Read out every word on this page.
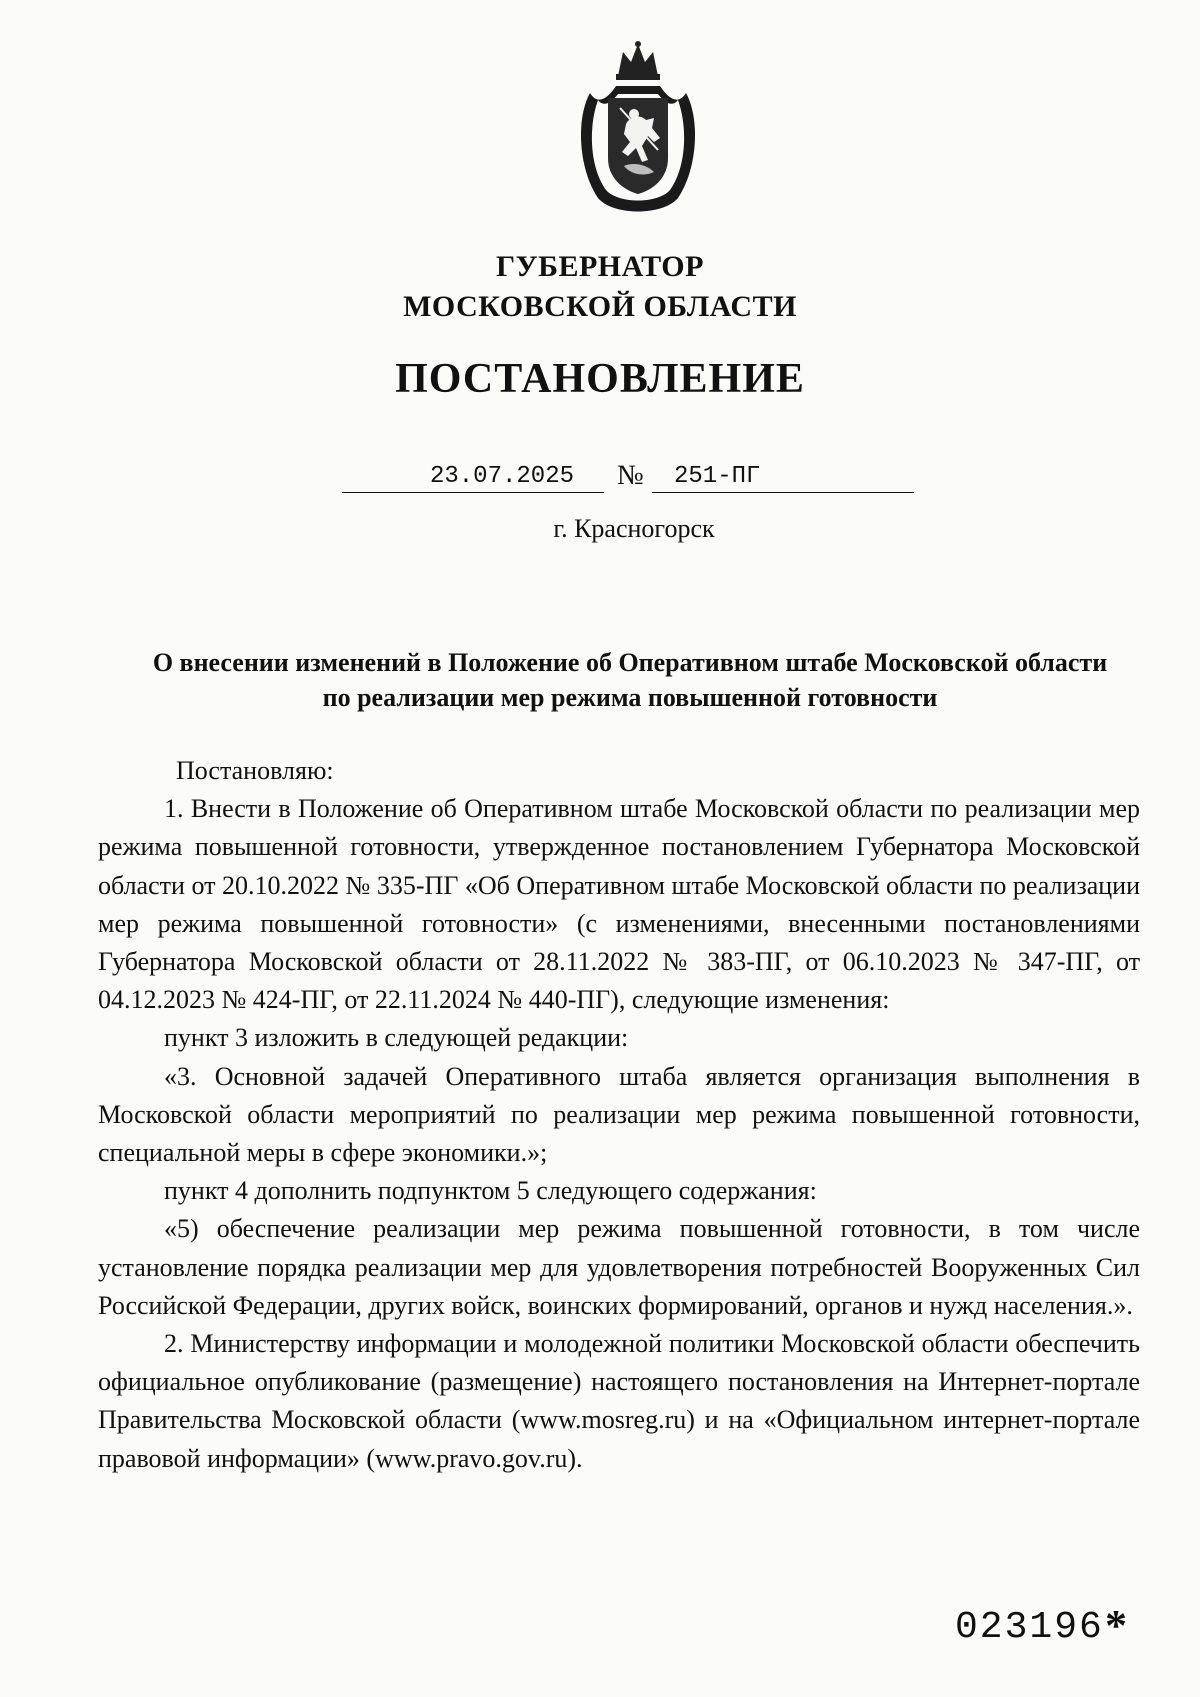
ГУБЕРНАТОР
МОСКОВСКОЙ ОБЛАСТИ
ПОСТАНОВЛЕНИЕ
23.07.2025 № 251-ПГ
г. Красногорск
О внесении изменений в Положение об Оперативном штабе Московской области по реализации мер режима повышенной готовности

Постановляю:

1. Внести в Положение об Оперативном штабе Московской области по реализации мер режима повышенной готовности, утвержденное постановлением Губернатора Московской области от 20.10.2022 № 335-ПГ «Об Оперативном штабе Московской области по реализации мер режима повышенной готовности» (с изменениями, внесенными постановлениями Губернатора Московской области от 28.11.2022 № 383-ПГ, от 06.10.2023 № 347-ПГ, от 04.12.2023 № 424-ПГ, от 22.11.2024 № 440-ПГ), следующие изменения:

пункт 3 изложить в следующей редакции:

«3. Основной задачей Оперативного штаба является организация выполнения в Московской области мероприятий по реализации мер режима повышенной готовности, специальной меры в сфере экономики.»;

пункт 4 дополнить подпунктом 5 следующего содержания:

«5) обеспечение реализации мер режима повышенной готовности, в том числе установление порядка реализации мер для удовлетворения потребностей Вооруженных Сил Российской Федерации, других войск, воинских формирований, органов и нужд населения.».

2. Министерству информации и молодежной политики Московской области обеспечить официальное опубликование (размещение) настоящего постановления на Интернет-портале Правительства Московской области (www.mosreg.ru) и на «Официальном интернет-портале правовой информации» (www.pravo.gov.ru).

023196 *
